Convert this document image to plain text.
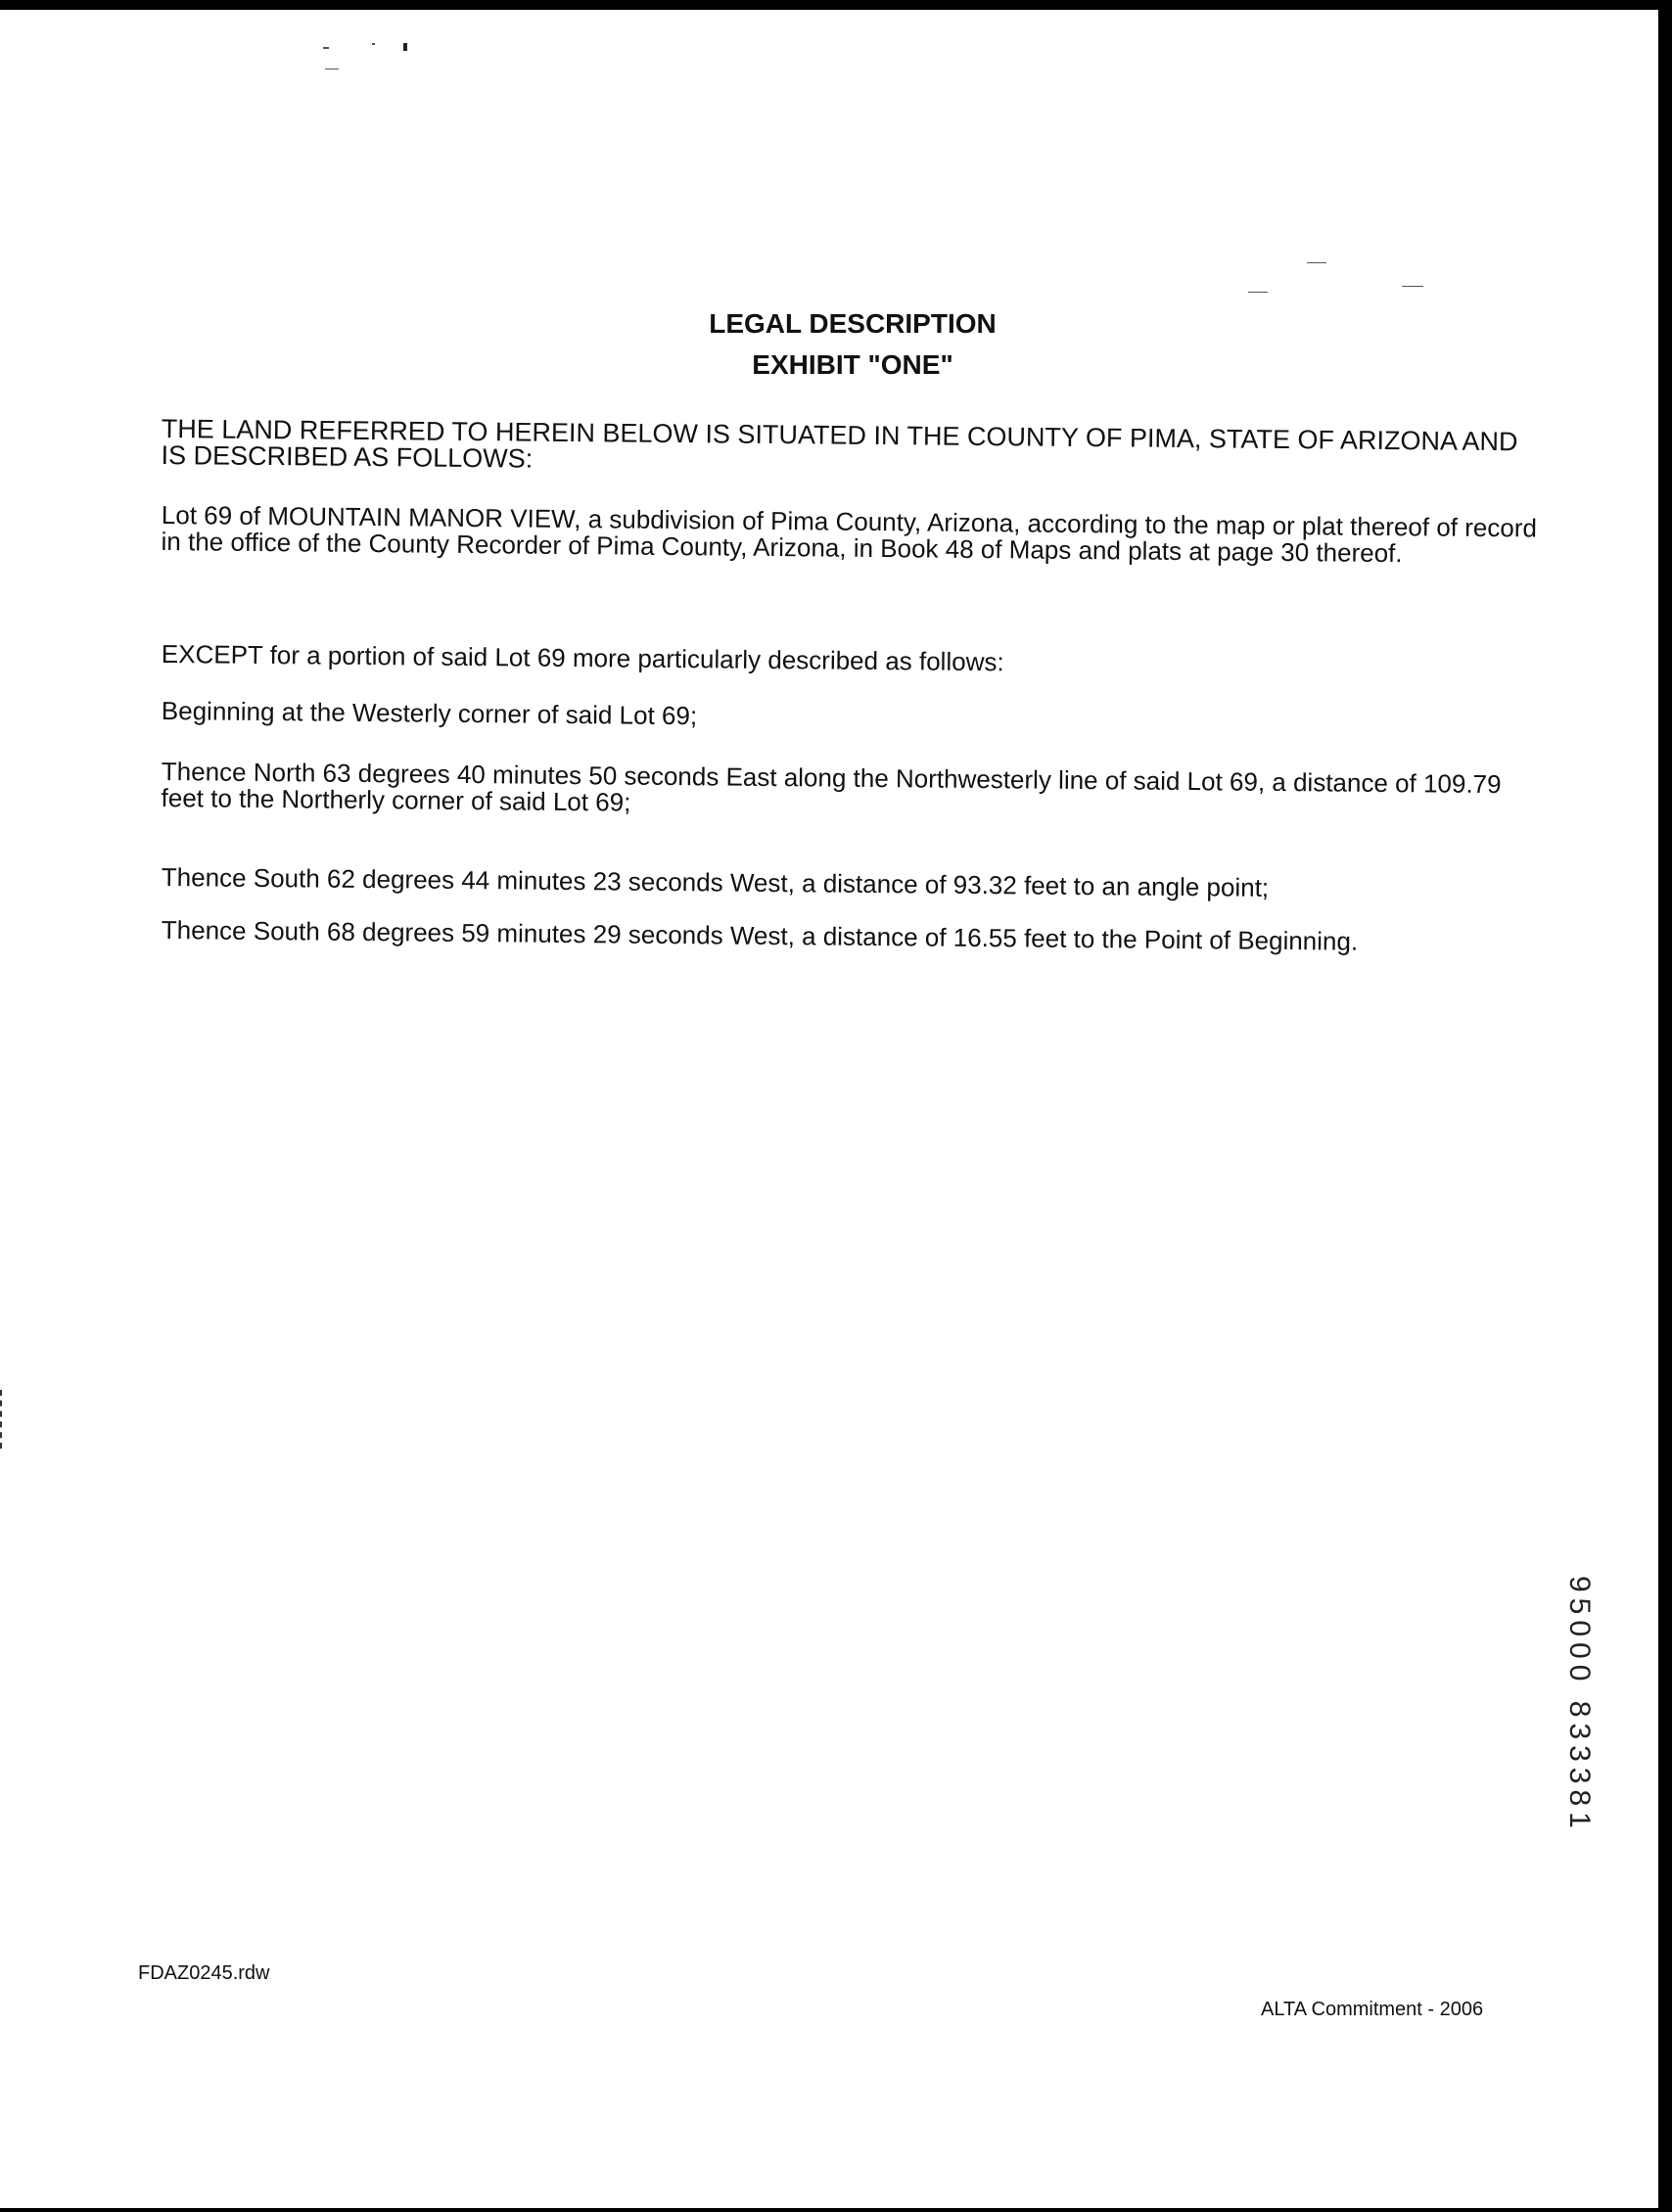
LEGAL DESCRIPTION
EXHIBIT "ONE"
THE LAND REFERRED TO HEREIN BELOW IS SITUATED IN THE COUNTY OF PIMA, STATE OF ARIZONA AND IS DESCRIBED AS FOLLOWS:
Lot 69 of MOUNTAIN MANOR VIEW, a subdivision of Pima County, Arizona, according to the map or plat thereof of record in the office of the County Recorder of Pima County, Arizona, in Book 48 of Maps and plats at page 30 thereof.
EXCEPT for a portion of said Lot 69 more particularly described as follows:
Beginning at the Westerly corner of said Lot 69;
Thence North 63 degrees 40 minutes 50 seconds East along the Northwesterly line of said Lot 69, a distance of 109.79 feet to the Northerly corner of said Lot 69;
Thence South 62 degrees 44 minutes 23 seconds West, a distance of 93.32 feet to an angle point;
Thence South 68 degrees 59 minutes 29 seconds West, a distance of 16.55 feet to the Point of Beginning.
95000 833381
FDAZ0245.rdw
ALTA Commitment - 2006
